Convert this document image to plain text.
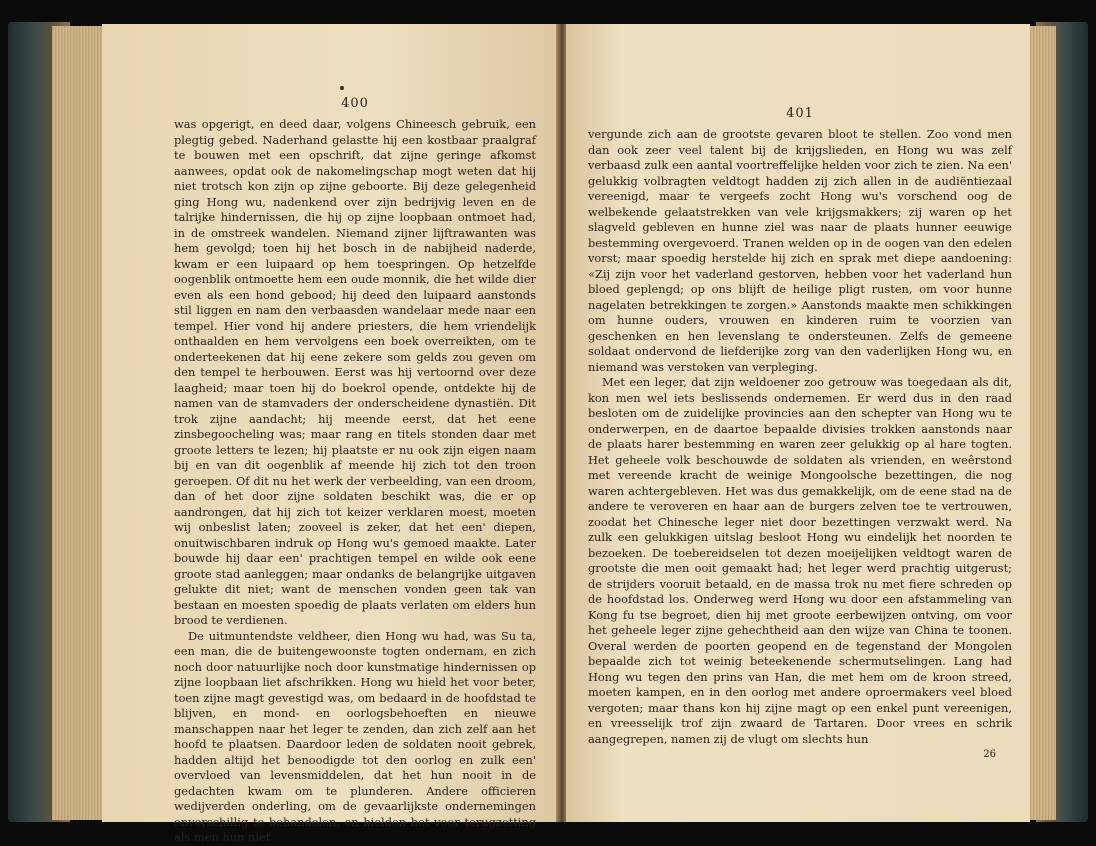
400

was opgerigt, en deed daar, volgens Chineesch gebruik, een plegtig gebed. Naderhand gelastte hij een kostbaar praalgraf te bouwen met een opschrift, dat zijne geringe afkomst aanwees, opdat ook de nakomelingschap mogt weten dat hij niet trotsch kon zijn op zijne geboorte. Bij deze gelegenheid ging Hong wu, nadenkend over zijn bedrijvig leven en de talrijke hindernissen, die hij op zijne loopbaan ontmoet had, in de omstreek wandelen. Niemand zijner lijftrawanten was hem gevolgd; toen hij het bosch in de nabijheid naderde, kwam er een luipaard op hem toespringen. Op hetzelfde oogenblik ontmoette hem een oude monnik, die het wilde dier even als een hond gebood; hij deed den luipaard aanstonds stil liggen en nam den verbaasden wandelaar mede naar een tempel. Hier vond hij andere priesters, die hem vriendelijk onthaalden en hem vervolgens een boek overreikten, om te onderteekenen dat hij eene zekere som gelds zou geven om den tempel te herbouwen. Eerst was hij vertoornd over deze laagheid; maar toen hij do boekrol opende, ontdekte hij de namen van de stamvaders der onderscheidene dynastiën. Dit trok zijne aandacht; hij meende eerst, dat het eene zinsbegoocheling was; maar rang en titels stonden daar met groote letters te lezen; hij plaatste er nu ook zijn eigen naam bij en van dit oogenblik af meende hij zich tot den troon geroepen. Of dit nu het werk der verbeelding, van een droom, dan of het door zijne soldaten beschikt was, die er op aandrongen, dat hij zich tot keizer verklaren moest, moeten wij onbeslist laten; zooveel is zeker, dat het een' diepen, onuitwischbaren indruk op Hong wu's gemoed maakte. Later bouwde hij daar een' prachtigen tempel en wilde ook eene groote stad aanleggen; maar ondanks de belangrijke uitgaven gelukte dit niet; want de menschen vonden geen tak van bestaan en moesten spoedig de plaats verlaten om elders hun brood te verdienen.

De uitmuntendste veldheer, dien Hong wu had, was Su ta, een man, die de buitengewoonste togten ondernam, en zich noch door natuurlijke noch door kunstmatige hindernissen op zijne loopbaan liet afschrikken. Hong wu hield het voor beter, toen zijne magt gevestigd was, om bedaard in de hoofdstad te blijven, en mond- en oorlogsbehoeften en nieuwe manschappen naar het leger te zenden, dan zich zelf aan het hoofd te plaatsen. Daardoor leden de soldaten nooit gebrek, hadden altijd het benoodigde tot den oorlog en zulk een' overvloed van levensmiddelen, dat het hun nooit in de gedachten kwam om te plunderen. Andere officieren wedijverden onderling, om de gevaarlijkste ondernemingen onverschillig te behandelen, en hielden het voor terugzetting als men hun niet

401

vergunde zich aan de grootste gevaren bloot te stellen. Zoo vond men dan ook zeer veel talent bij de krijgslieden, en Hong wu was zelf verbaasd zulk een aantal voortreffelijke helden voor zich te zien. Na een' gelukkig volbragten veldtogt hadden zij zich allen in de audiëntiezaal vereenigd, maar te vergeefs zocht Hong wu's vorschend oog de welbekende gelaatstrekken van vele krijgsmakkers; zij waren op het slagveld gebleven en hunne ziel was naar de plaats hunner eeuwige bestemming overgevoerd. Tranen welden op in de oogen van den edelen vorst; maar spoedig herstelde hij zich en sprak met diepe aandoening: «Zij zijn voor het vaderland gestorven, hebben voor het vaderland hun bloed geplengd; op ons blijft de heilige pligt rusten, om voor hunne nagelaten betrekkingen te zorgen.» Aanstonds maakte men schikkingen om hunne ouders, vrouwen en kinderen ruim te voorzien van geschenken en hen levenslang te ondersteunen. Zelfs de gemeene soldaat ondervond de liefderijke zorg van den vaderlijken Hong wu, en niemand was verstoken van verpleging.

Met een leger, dat zijn weldoener zoo getrouw was toegedaan als dit, kon men wel iets beslissends ondernemen. Er werd dus in den raad besloten om de zuidelijke provincies aan den schepter van Hong wu te onderwerpen, en de daartoe bepaalde divisies trokken aanstonds naar de plaats harer bestemming en waren zeer gelukkig op al hare togten. Het geheele volk beschouwde de soldaten als vrienden, en weêrstond met vereende kracht de weinige Mongoolsche bezettingen, die nog waren achtergebleven. Het was dus gemakkelijk, om de eene stad na de andere te veroveren en haar aan de burgers zelven toe te vertrouwen, zoodat het Chinesche leger niet door bezettingen verzwakt werd. Na zulk een gelukkigen uitslag besloot Hong wu eindelijk het noorden te bezoeken. De toebereidselen tot dezen moeijelijken veldtogt waren de grootste die men ooit gemaakt had; het leger werd prachtig uitgerust; de strijders vooruit betaald, en de massa trok nu met fiere schreden op de hoofdstad los. Onderweg werd Hong wu door een afstammeling van Kong fu tse begroet, dien hij met groote eerbewijzen ontving, om voor het geheele leger zijne gehechtheid aan den wijze van China te toonen. Overal werden de poorten geopend en de tegenstand der Mongolen bepaalde zich tot weinig beteekenende schermutselingen. Lang had Hong wu tegen den prins van Han, die met hem om de kroon streed, moeten kampen, en in den oorlog met andere oproermakers veel bloed vergoten; maar thans kon hij zijne magt op een enkel punt vereenigen, en vreesselijk trof zijn zwaard de Tartaren. Door vrees en schrik aangegrepen, namen zij de vlugt om slechts hun

26
